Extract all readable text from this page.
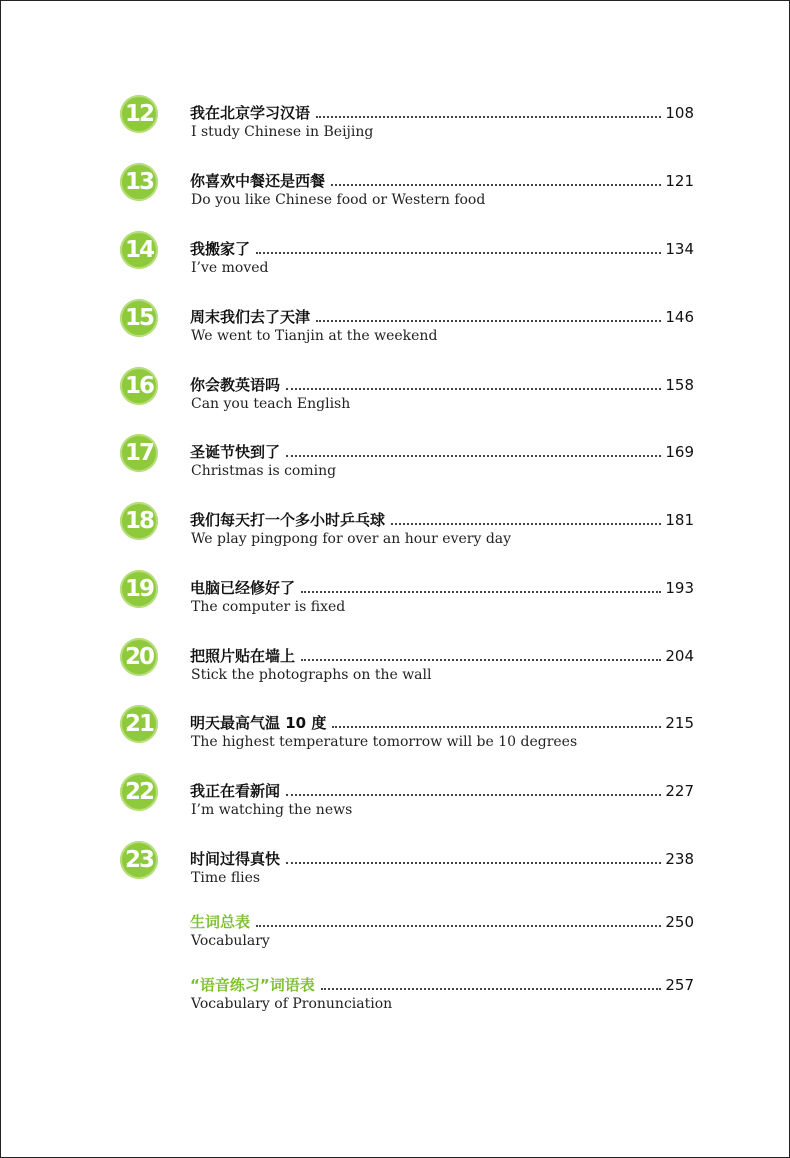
12	我在北京学习汉语	108
I study Chinese in Beijing
13	你喜欢中餐还是西餐	121
Do you like Chinese food or Western food
14	我搬家了	134
I’ve moved
15	周末我们去了天津	146
We went to Tianjin at the weekend
16	你会教英语吗	158
Can you teach English
17	圣诞节快到了	169
Christmas is coming
18	我们每天打一个多小时乒乓球	181
We play pingpong for over an hour every day
19	电脑已经修好了	193
The computer is fixed
20	把照片贴在墙上	204
Stick the photographs on the wall
21	明天最高气温 10 度	215
The highest temperature tomorrow will be 10 degrees
22	我正在看新闻	227
I’m watching the news
23	时间过得真快	238
Time flies
生词总表	250
Vocabulary
“语音练习”词语表	257
Vocabulary of Pronunciation
